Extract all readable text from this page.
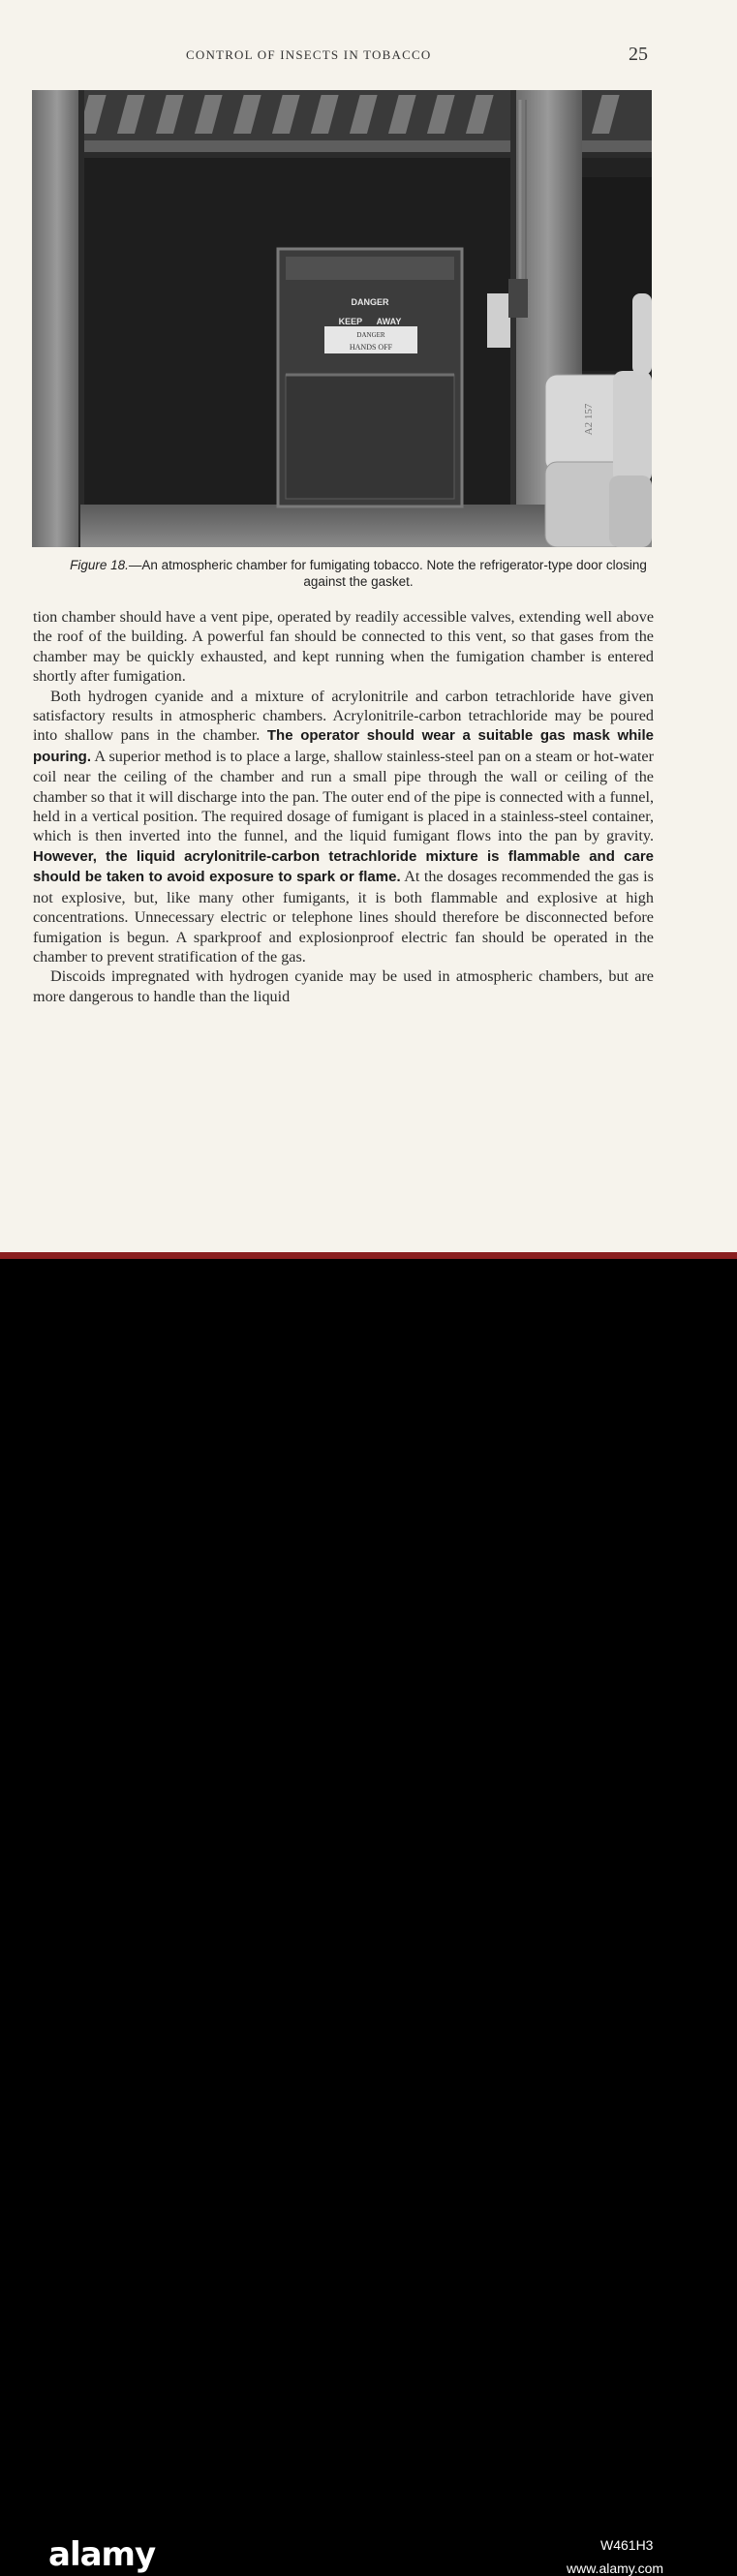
CONTROL OF INSECTS IN TOBACCO	25
DANGER
KEEP      AWAY
DANGER
HANDS OFF
A2 157
Figure 18.—An atmospheric chamber for fumigating tobacco. Note the refrigerator-type door closing against the gasket.

tion chamber should have a vent pipe, operated by readily accessible valves, extending well above the roof of the building. A powerful fan should be connected to this vent, so that gases from the chamber may be quickly exhausted, and kept running when the fumigation chamber is entered shortly after fumigation.

Both hydrogen cyanide and a mixture of acrylonitrile and carbon tetrachloride have given satisfactory results in atmospheric chambers. Acrylonitrile-carbon tetrachloride may be poured into shallow pans in the chamber. The operator should wear a suitable gas mask while pouring. A superior method is to place a large, shallow stainless-steel pan on a steam or hot-water coil near the ceiling of the chamber and run a small pipe through the wall or ceiling of the chamber so that it will discharge into the pan. The outer end of the pipe is connected with a funnel, held in a vertical position. The required dosage of fumigant is placed in a stainless-steel container, which is then inverted into the funnel, and the liquid fumigant flows into the pan by gravity. However, the liquid acrylonitrile-carbon tetrachloride mixture is flammable and care should be taken to avoid exposure to spark or flame. At the dosages recommended the gas is not explosive, but, like many other fumigants, it is both flammable and explosive at high concentrations. Unnecessary electric or telephone lines should therefore be disconnected before fumigation is begun. A sparkproof and explosionproof electric fan should be operated in the chamber to prevent stratification of the gas.

Discoids impregnated with hydrogen cyanide may be used in atmospheric chambers, but are more dangerous to handle than the liquid

alamy	W461H3
www.alamy.com
